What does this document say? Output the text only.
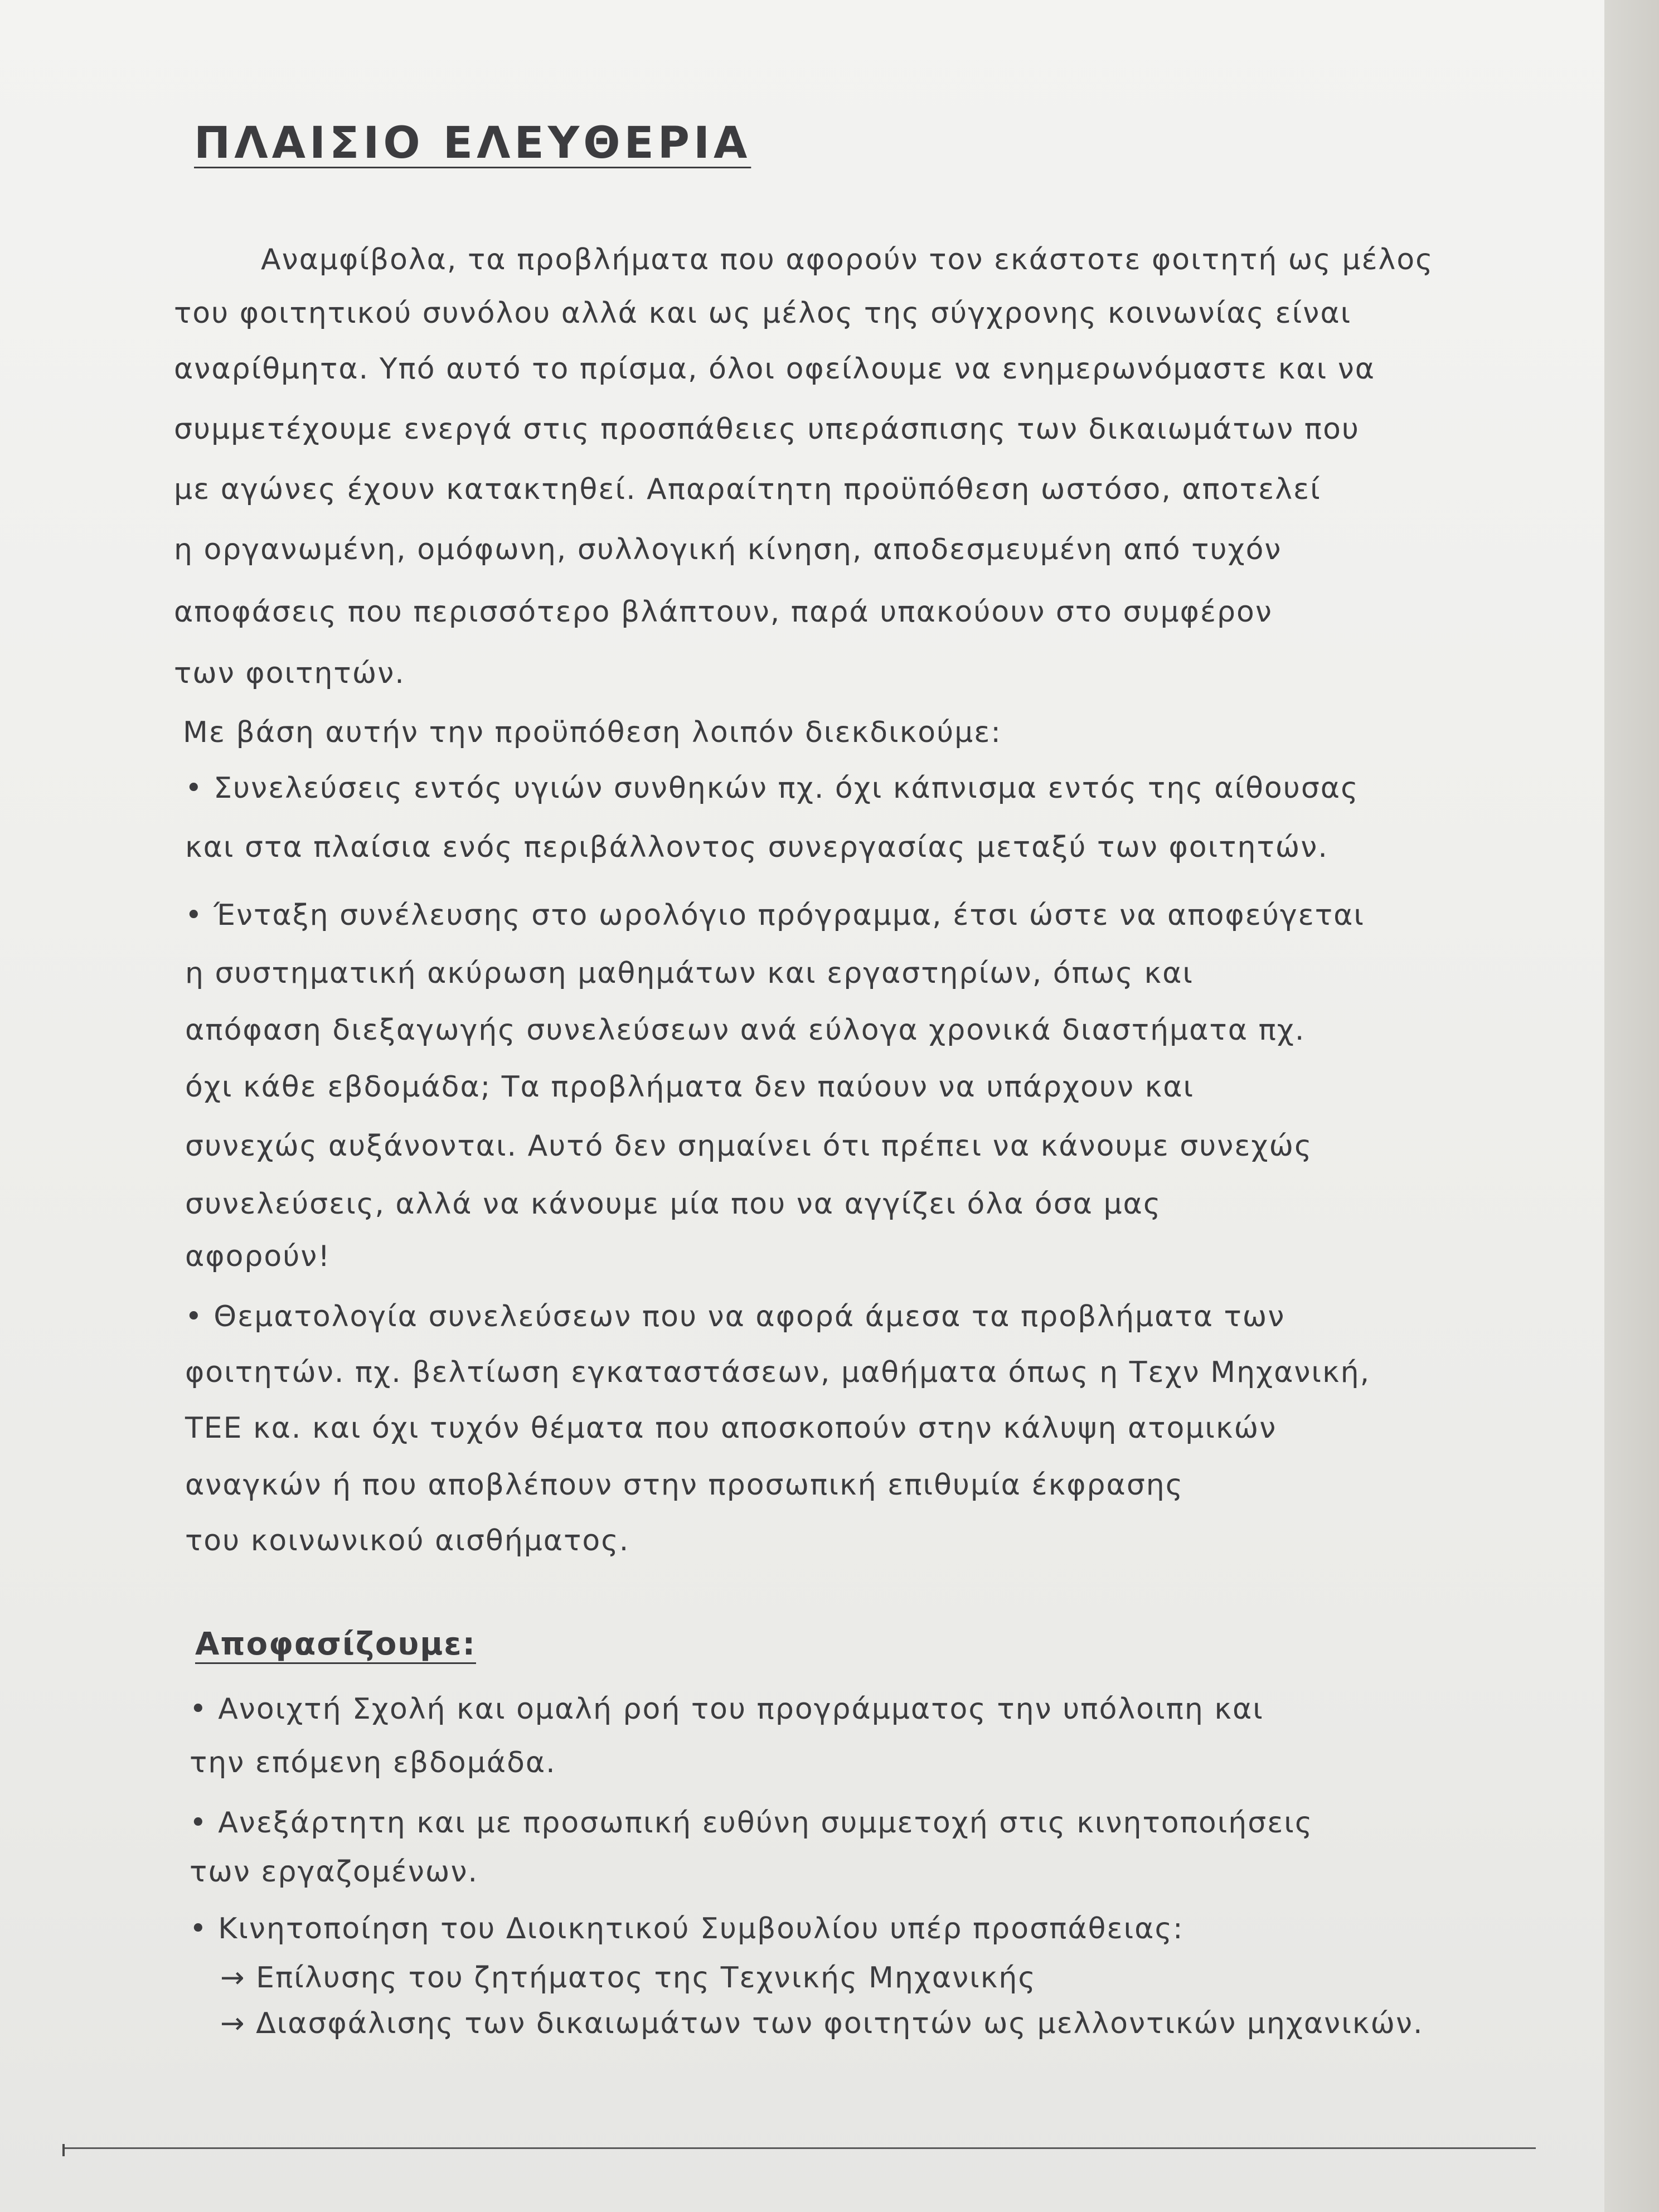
ΠΛΑΙΣΙΟ ΕΛΕΥΘΕΡΙΑ

Αναμφίβολα, τα προβλήματα που αφορούν τον εκάστοτε φοιτητή ως μέλος

του φοιτητικού συνόλου αλλά και ως μέλος της σύγχρονης κοινωνίας είναι

αναρίθμητα. Υπό αυτό το πρίσμα, όλοι οφείλουμε να ενημερωνόμαστε και να

συμμετέχουμε ενεργά στις προσπάθειες υπεράσπισης των δικαιωμάτων που

με αγώνες έχουν κατακτηθεί. Απαραίτητη προϋπόθεση ωστόσο, αποτελεί

η οργανωμένη, ομόφωνη, συλλογική κίνηση, αποδεσμευμένη από τυχόν

αποφάσεις που περισσότερο βλάπτουν, παρά υπακούουν στο συμφέρον

των φοιτητών.

Με βάση αυτήν την προϋπόθεση λοιπόν διεκδικούμε:

• Συνελεύσεις εντός υγιών συνθηκών πχ. όχι κάπνισμα εντός της αίθουσας

και στα πλαίσια ενός περιβάλλοντος συνεργασίας μεταξύ των φοιτητών.

• Ένταξη συνέλευσης στο ωρολόγιο πρόγραμμα, έτσι ώστε να αποφεύγεται

η συστηματική ακύρωση μαθημάτων και εργαστηρίων, όπως και

απόφαση διεξαγωγής συνελεύσεων ανά εύλογα χρονικά διαστήματα πχ.

όχι κάθε εβδομάδα; Τα προβλήματα δεν παύουν να υπάρχουν και

συνεχώς αυξάνονται. Αυτό δεν σημαίνει ότι πρέπει να κάνουμε συνεχώς

συνελεύσεις, αλλά να κάνουμε μία που να αγγίζει όλα όσα μας

αφορούν!

• Θεματολογία συνελεύσεων που να αφορά άμεσα τα προβλήματα των

φοιτητών. πχ. βελτίωση εγκαταστάσεων, μαθήματα όπως η Τεχν Μηχανική,

ΤΕΕ κα. και όχι τυχόν θέματα που αποσκοπούν στην κάλυψη ατομικών

αναγκών ή που αποβλέπουν στην προσωπική επιθυμία έκφρασης

του κοινωνικού αισθήματος.

Αποφασίζουμε:

• Ανοιχτή Σχολή και ομαλή ροή του προγράμματος την υπόλοιπη και

την επόμενη εβδομάδα.

• Ανεξάρτητη και με προσωπική ευθύνη συμμετοχή στις κινητοποιήσεις

των εργαζομένων.

• Κινητοποίηση του Διοικητικού Συμβουλίου υπέρ προσπάθειας:

→ Επίλυσης του ζητήματος της Τεχνικής Μηχανικής

→ Διασφάλισης των δικαιωμάτων των φοιτητών ως μελλοντικών μηχανικών.
